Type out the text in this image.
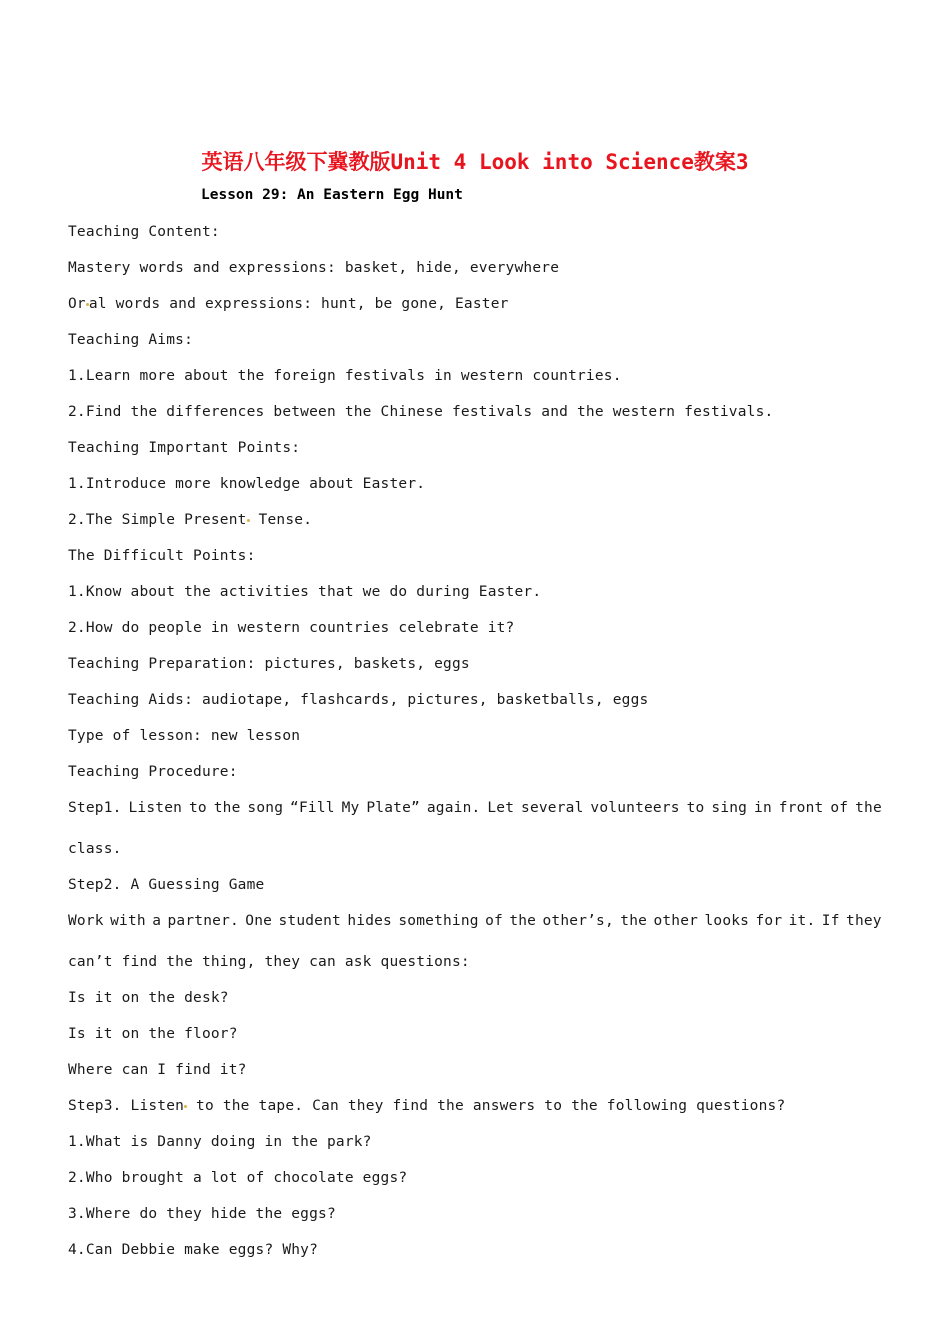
英语八年级下冀教版Unit 4 Look into Science教案3
Lesson 29: An Eastern Egg Hunt
Teaching Content:
Mastery words and expressions: basket, hide, everywhere
Or al words and expressions: hunt, be gone, Easter
Teaching Aims:
1.Learn more about the foreign festivals in western countries.
2.Find the differences between the Chinese festivals and the western festivals.
Teaching Important Points:
1.Introduce more knowledge about Easter.
2.The Simple Present Tense.
The Difficult Points:
1.Know about the activities that we do during Easter.
2.How do people in western countries celebrate it?
Teaching Preparation: pictures, baskets, eggs
Teaching Aids: audiotape, flashcards, pictures, basketballs, eggs
Type of lesson: new lesson
Teaching Procedure:
Step1. Listen to the song “Fill My Plate” again. Let several volunteers to sing in front of the
class.
Step2. A Guessing Game
Work with a partner. One student hides something of the other’s, the other looks for it. If they
can’t find the thing, they can ask questions:
Is it on the desk?
Is it on the floor?
Where can I find it?
Step3. Listen to the tape. Can they find the answers to the following questions?
1.What is Danny doing in the park?
2.Who brought a lot of chocolate eggs?
3.Where do they hide the eggs?
4.Can Debbie make eggs? Why?
